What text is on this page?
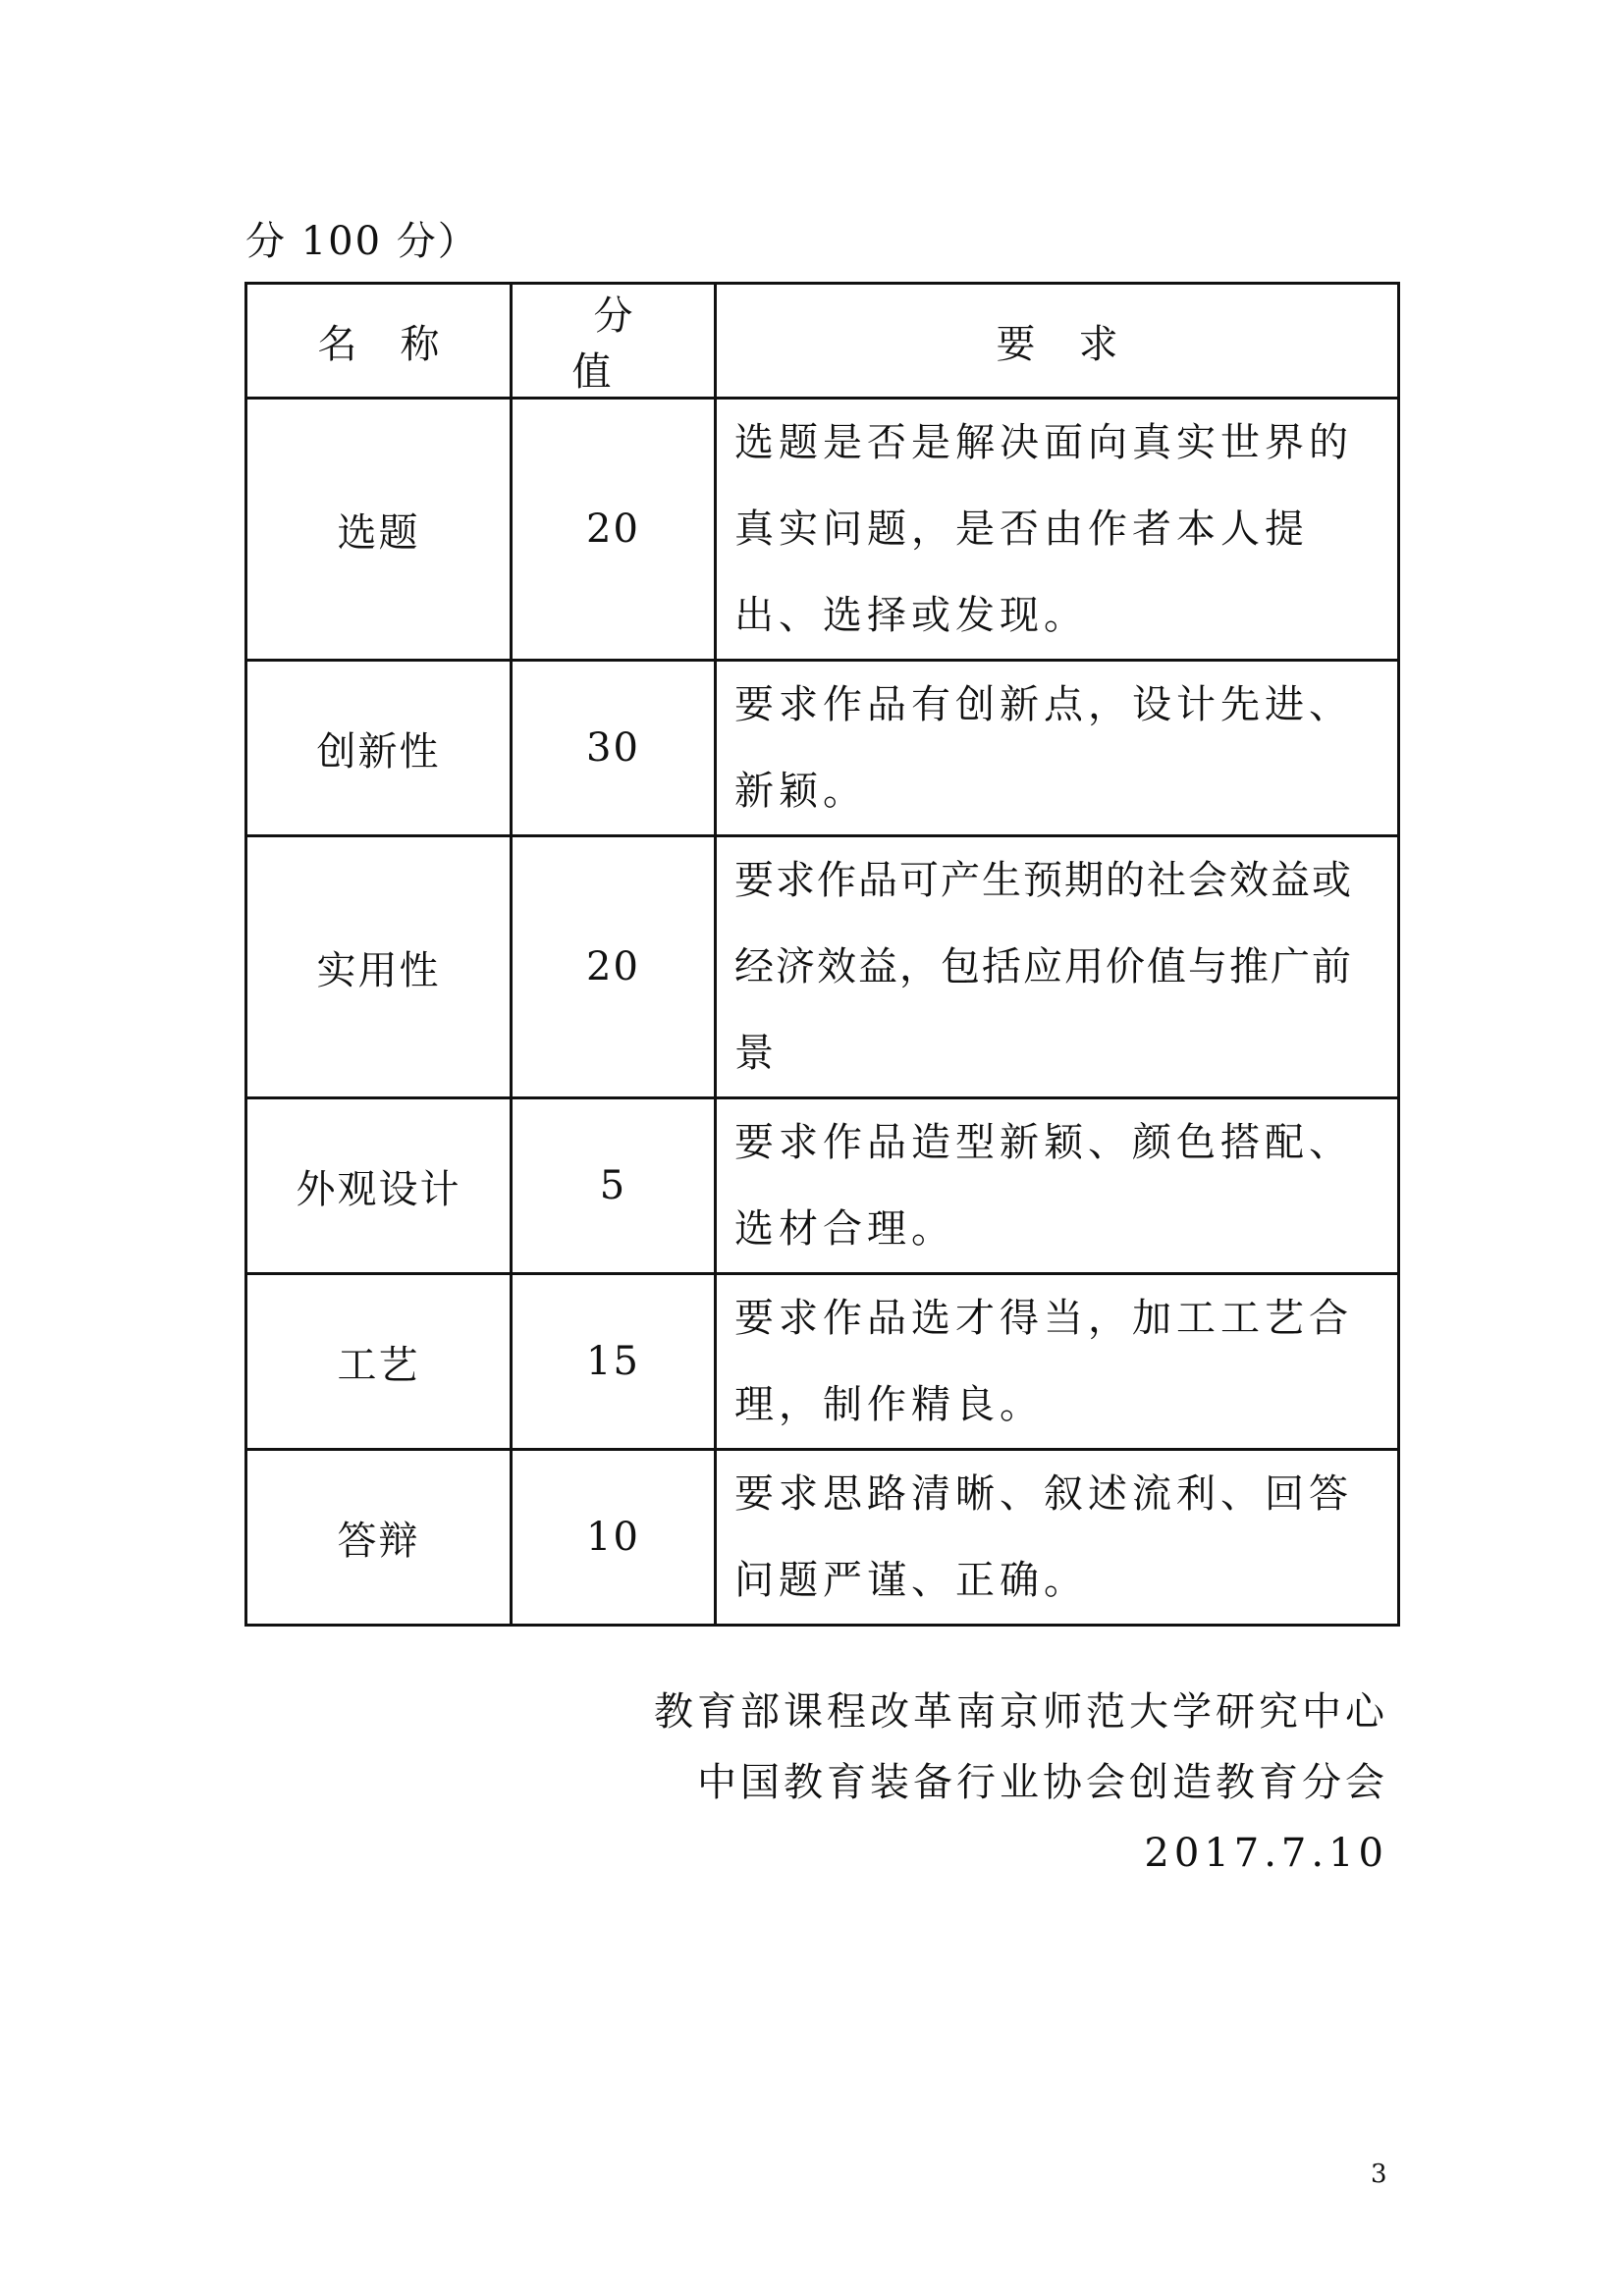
分 100 分）
名称	分值	要求
选题	20	选题是否是解决面向真实世界的真实问题，是否由作者本人提出、选择或发现。
创新性	30	要求作品有创新点，设计先进、新颖。
实用性	20	要求作品可产生预期的社会效益或经济效益，包括应用价值与推广前景
外观设计	5	要求作品造型新颖、颜色搭配、选材合理。
工艺	15	要求作品选才得当，加工工艺合理，制作精良。
答辩	10	要求思路清晰、叙述流利、回答问题严谨、正确。
教育部课程改革南京师范大学研究中心
中国教育装备行业协会创造教育分会
2017.7.10
3
